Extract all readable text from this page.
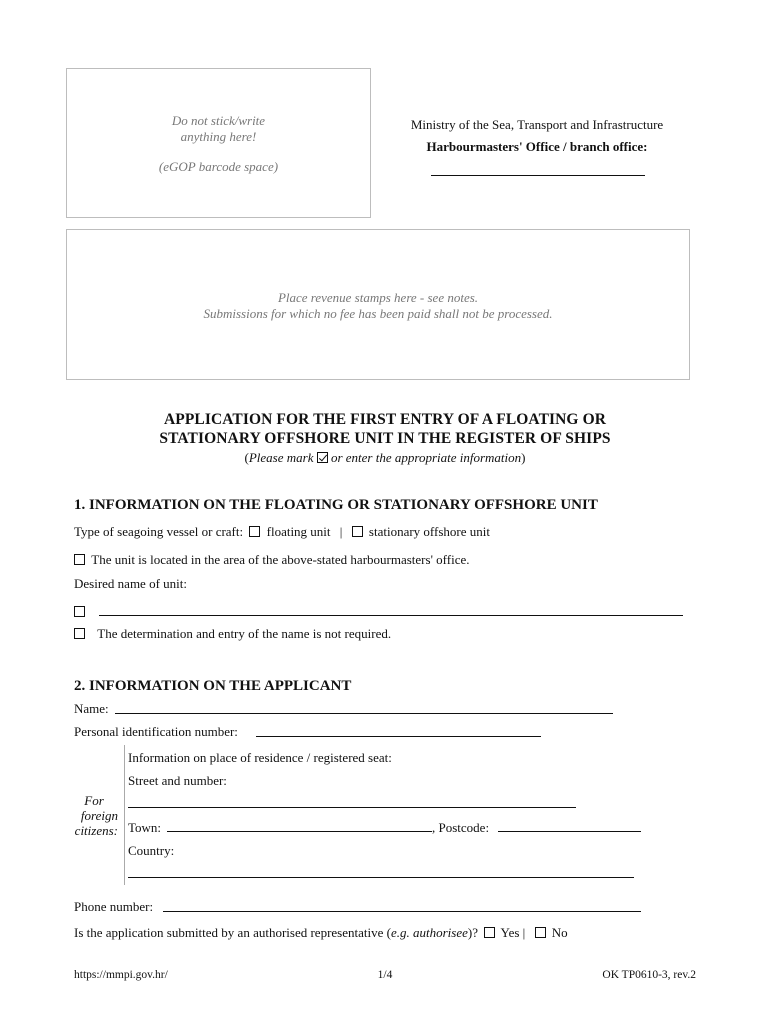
Do not stick/write
anything here!
(eGOP barcode space)
Ministry of the Sea, Transport and Infrastructure
Harbourmasters' Office / branch office:
Place revenue stamps here - see notes.
Submissions for which no fee has been paid shall not be processed.
APPLICATION FOR THE FIRST ENTRY OF A FLOATING OR
STATIONARY OFFSHORE UNIT IN THE REGISTER OF SHIPS
(Please mark or enter the appropriate information)
1. INFORMATION ON THE FLOATING OR STATIONARY OFFSHORE UNIT
Type of seagoing vessel or craft: floating unit | stationary offshore unit
The unit is located in the area of the above-stated harbourmasters' office.
Desired name of unit:
The determination and entry of the name is not required.
2. INFORMATION ON THE APPLICANT
Name:
Personal identification number:
For
foreign
citizens:
Information on place of residence / registered seat:
Street and number:
Town:	, Postcode:
Country:
Phone number:
Is the application submitted by an authorised representative (e.g. authorisee)? Yes | No
https://mmpi.gov.hr/	1/4	OK TP0610-3, rev.2
